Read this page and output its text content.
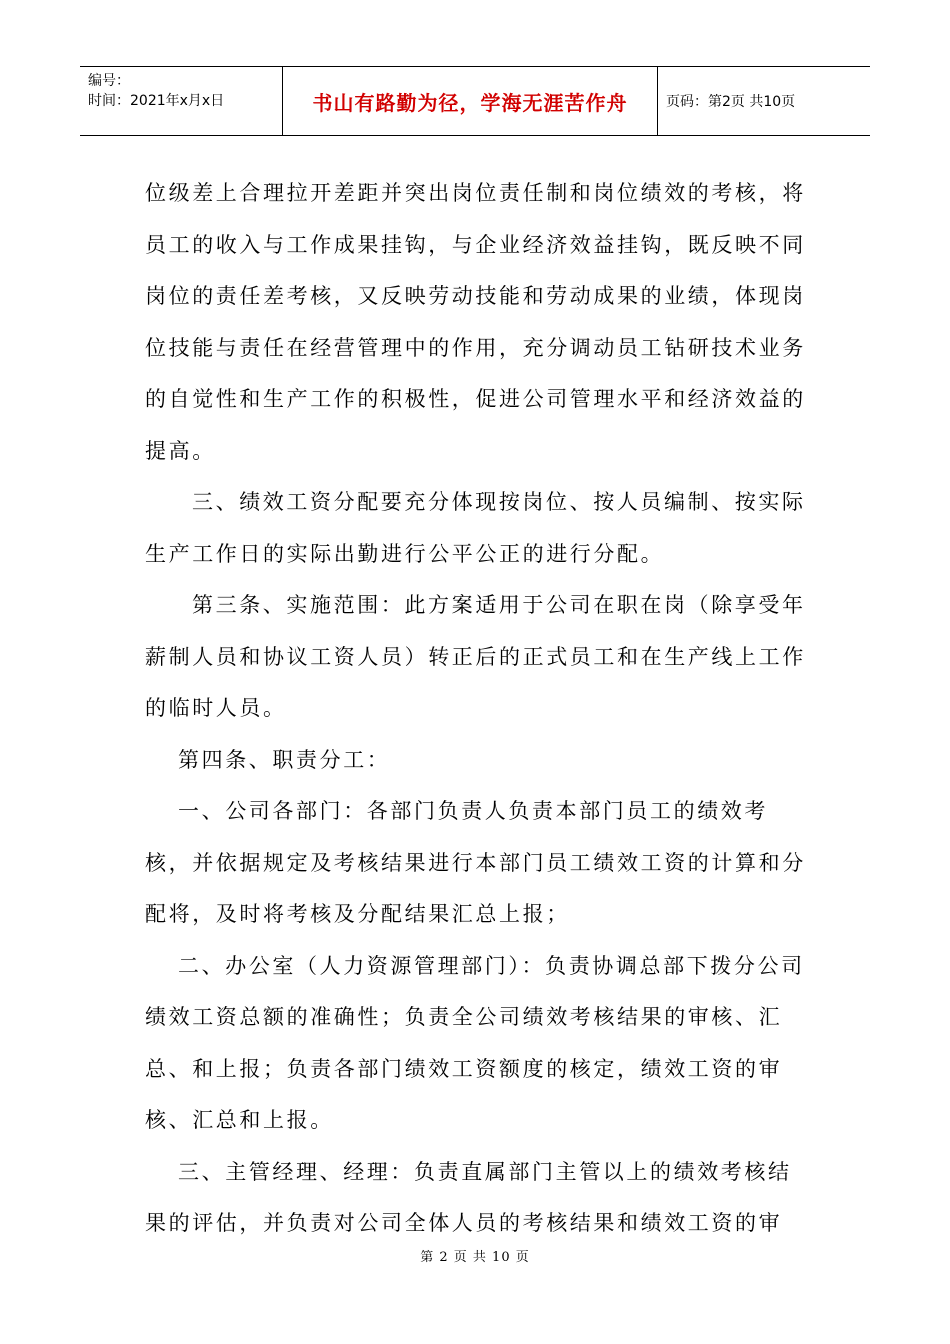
编号：
时间：2021年x月x日	书山有路勤为径，学海无涯苦作舟	页码：第2页 共10页

位级差上合理拉开差距并突出岗位责任制和岗位绩效的考核，将员工的收入与工作成果挂钩，与企业经济效益挂钩，既反映不同岗位的责任差考核，又反映劳动技能和劳动成果的业绩，体现岗位技能与责任在经营管理中的作用，充分调动员工钻研技术业务的自觉性和生产工作的积极性，促进公司管理水平和经济效益的提高。

三、绩效工资分配要充分体现按岗位、按人员编制、按实际生产工作日的实际出勤进行公平公正的进行分配。

第三条、实施范围：此方案适用于公司在职在岗（除享受年薪制人员和协议工资人员）转正后的正式员工和在生产线上工作的临时人员。

第四条、职责分工：

一、公司各部门：各部门负责人负责本部门员工的绩效考核，并依据规定及考核结果进行本部门员工绩效工资的计算和分配将，及时将考核及分配结果汇总上报；

二、办公室（人力资源管理部门）：负责协调总部下拨分公司绩效工资总额的准确性；负责全公司绩效考核结果的审核、汇总、和上报；负责各部门绩效工资额度的核定，绩效工资的审核、汇总和上报。

三、主管经理、经理：负责直属部门主管以上的绩效考核结果的评估，并负责对公司全体人员的考核结果和绩效工资的审

第 2 页 共 10 页
